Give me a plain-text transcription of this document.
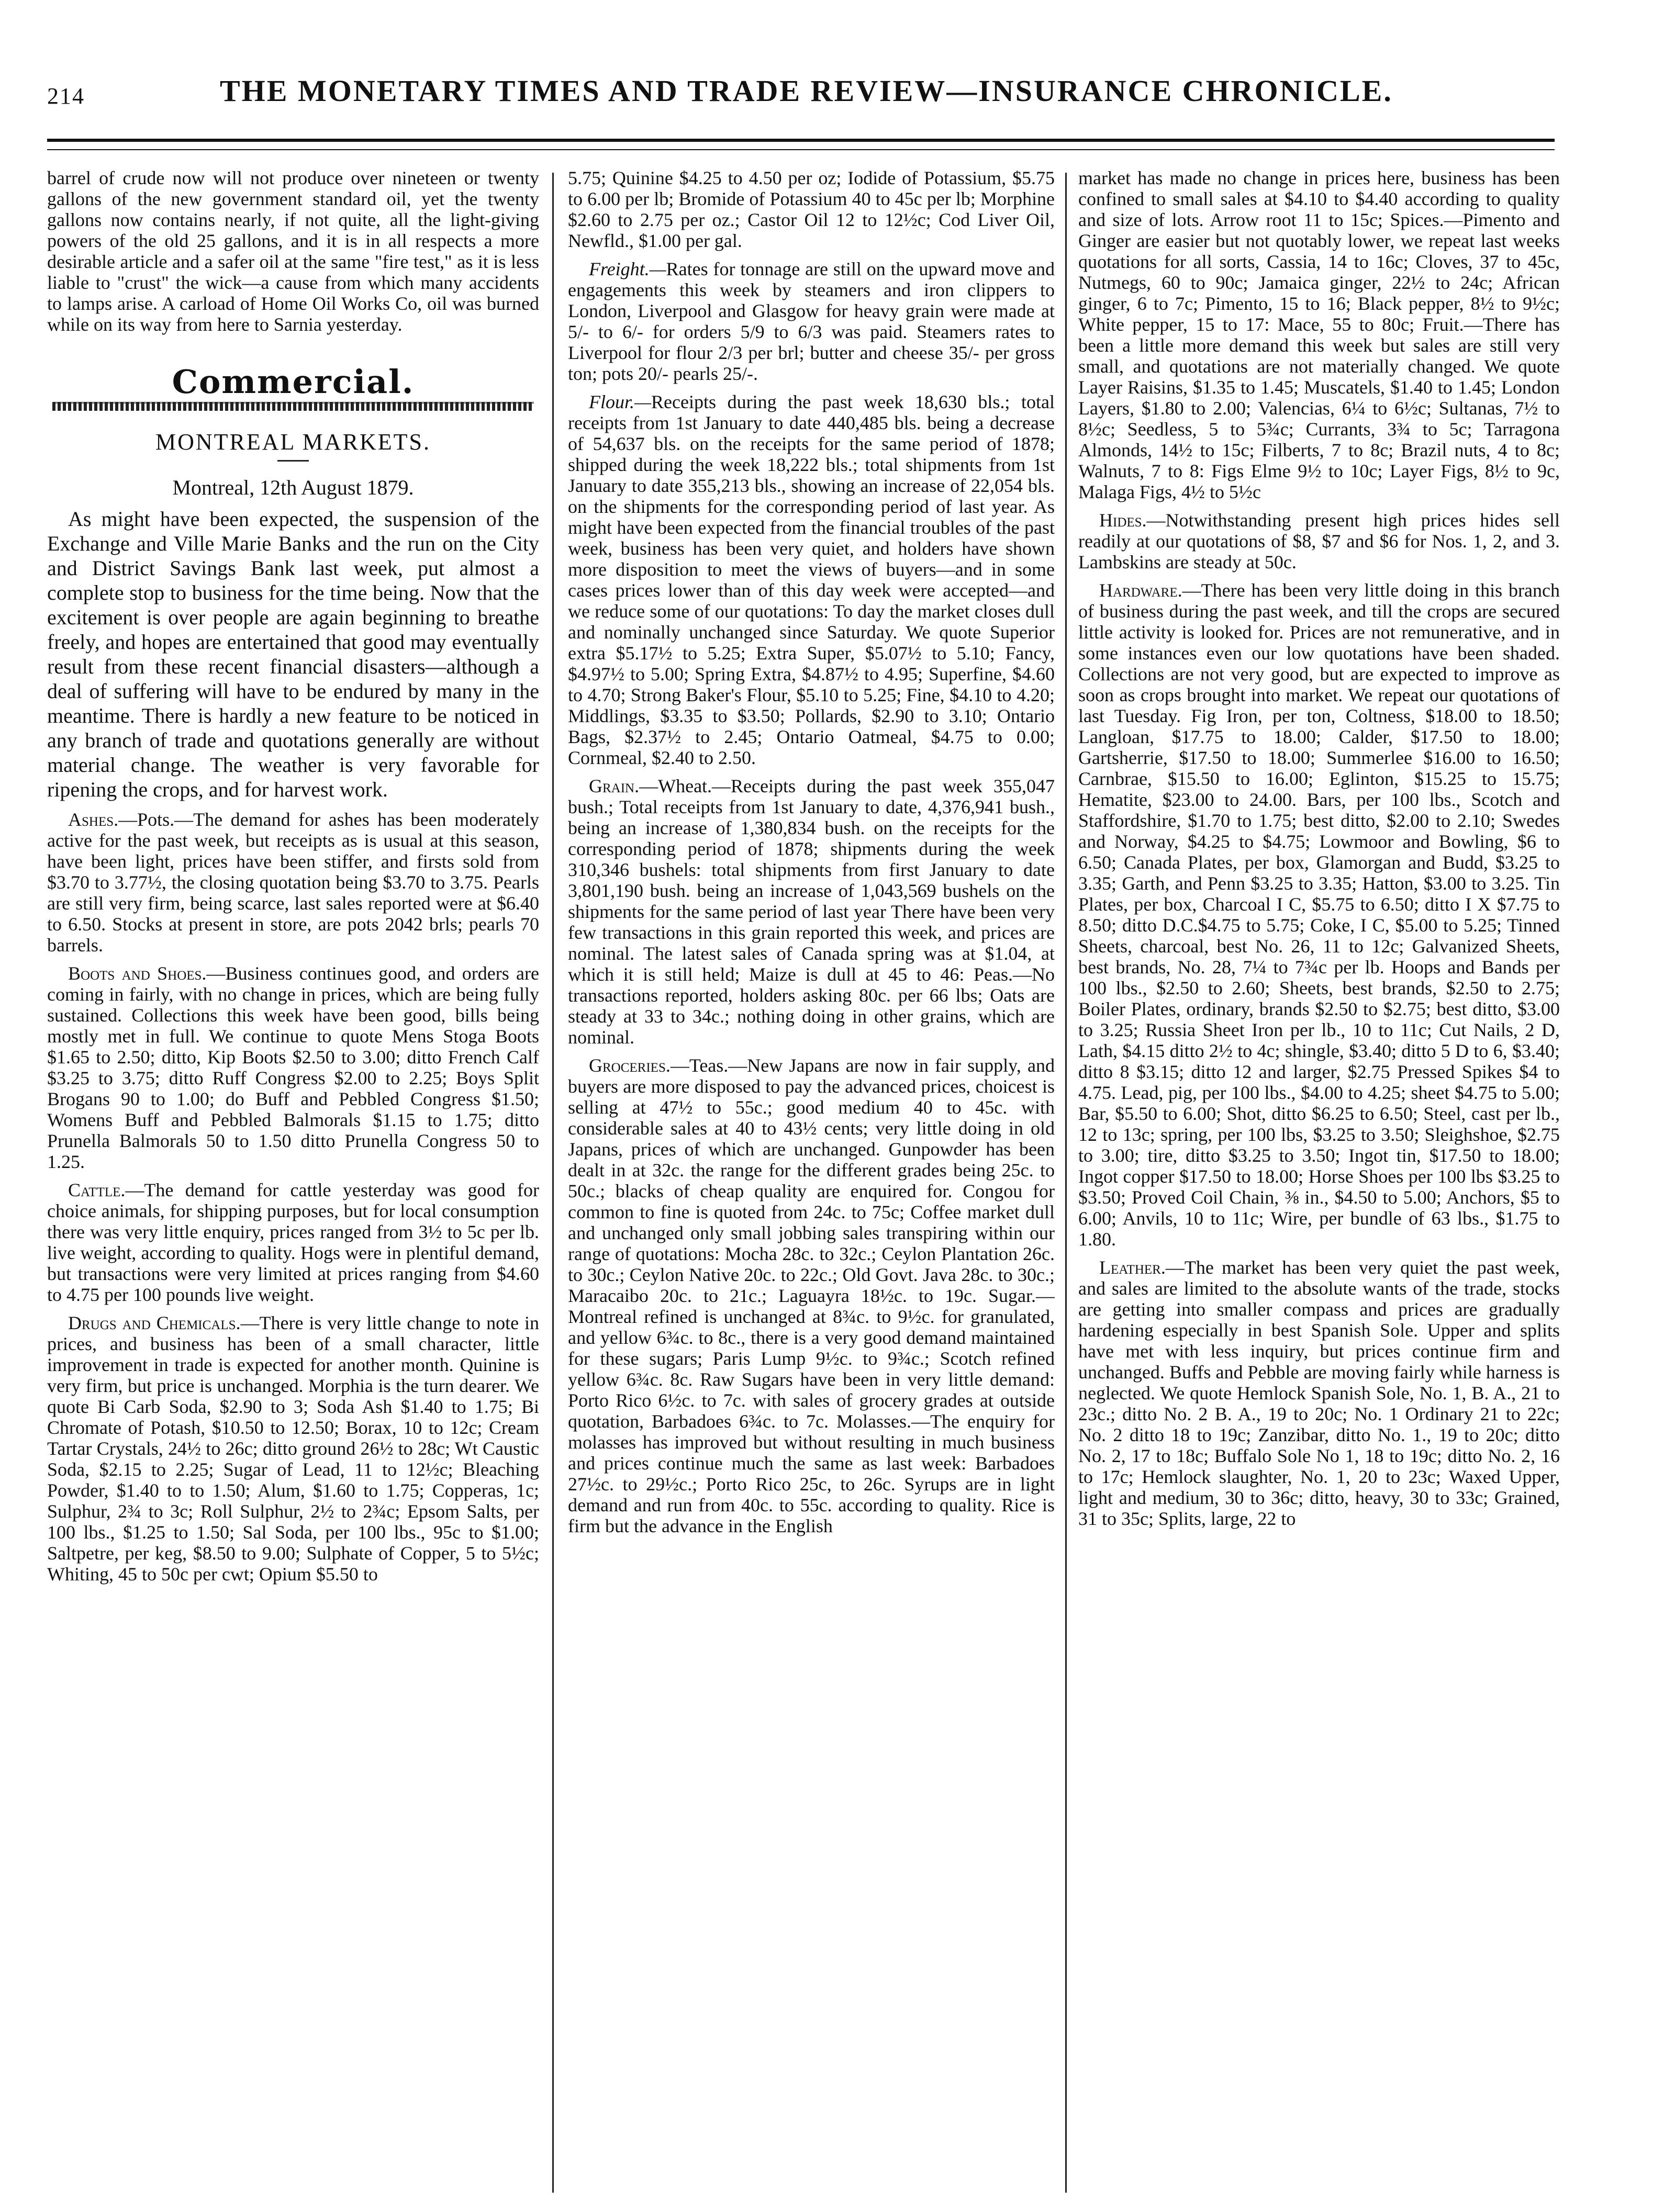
214	THE MONETARY TIMES AND TRADE REVIEW—INSURANCE CHRONICLE.

barrel of crude now will not produce over nineteen or twenty gallons of the new government standard oil, yet the twenty gallons now contains nearly, if not quite, all the light-giving powers of the old 25 gallons, and it is in all respects a more desirable article and a safer oil at the same "fire test," as it is less liable to "crust" the wick—a cause from which many accidents to lamps arise. A carload of Home Oil Works Co, oil was burned while on its way from here to Sarnia yesterday.

Commercial.
MONTREAL MARKETS.
Montreal, 12th August 1879.

As might have been expected, the suspension of the Exchange and Ville Marie Banks and the run on the City and District Savings Bank last week, put almost a complete stop to business for the time being. Now that the excitement is over people are again beginning to breathe freely, and hopes are entertained that good may eventually result from these recent financial disasters—although a deal of suffering will have to be endured by many in the meantime. There is hardly a new feature to be noticed in any branch of trade and quotations generally are without material change. The weather is very favorable for ripening the crops, and for harvest work.

Ashes.—Pots.—The demand for ashes has been moderately active for the past week, but receipts as is usual at this season, have been light, prices have been stiffer, and firsts sold from $3.70 to 3.77½, the closing quotation being $3.70 to 3.75. Pearls are still very firm, being scarce, last sales reported were at $6.40 to 6.50. Stocks at present in store, are pots 2042 brls; pearls 70 barrels.

Boots and Shoes.—Business continues good, and orders are coming in fairly, with no change in prices, which are being fully sustained. Collections this week have been good, bills being mostly met in full. We continue to quote Mens Stoga Boots $1.65 to 2.50; ditto, Kip Boots $2.50 to 3.00; ditto French Calf $3.25 to 3.75; ditto Ruff Congress $2.00 to 2.25; Boys Split Brogans 90 to 1.00; do Buff and Pebbled Congress $1.50; Womens Buff and Pebbled Balmorals $1.15 to 1.75; ditto Prunella Balmorals 50 to 1.50 ditto Prunella Congress 50 to 1.25.

Cattle.—The demand for cattle yesterday was good for choice animals, for shipping purposes, but for local consumption there was very little enquiry, prices ranged from 3½ to 5c per lb. live weight, according to quality. Hogs were in plentiful demand, but transactions were very limited at prices ranging from $4.60 to 4.75 per 100 pounds live weight.

Drugs and Chemicals.—There is very little change to note in prices, and business has been of a small character, little improvement in trade is expected for another month. Quinine is very firm, but price is unchanged. Morphia is the turn dearer. We quote Bi Carb Soda, $2.90 to 3; Soda Ash $1.40 to 1.75; Bi Chromate of Potash, $10.50 to 12.50; Borax, 10 to 12c; Cream Tartar Crystals, 24½ to 26c; ditto ground 26½ to 28c; Wt Caustic Soda, $2.15 to 2.25; Sugar of Lead, 11 to 12½c; Bleaching Powder, $1.40 to to 1.50; Alum, $1.60 to 1.75; Copperas, 1c; Sulphur, 2¾ to 3c; Roll Sulphur, 2½ to 2¾c; Epsom Salts, per 100 lbs., $1.25 to 1.50; Sal Soda, per 100 lbs., 95c to $1.00; Saltpetre, per keg, $8.50 to 9.00; Sulphate of Copper, 5 to 5½c; Whiting, 45 to 50c per cwt; Opium $5.50 to

5.75; Quinine $4.25 to 4.50 per oz; Iodide of Potassium, $5.75 to 6.00 per lb; Bromide of Potassium 40 to 45c per lb; Morphine $2.60 to 2.75 per oz.; Castor Oil 12 to 12½c; Cod Liver Oil, Newfld., $1.00 per gal.

Freight.—Rates for tonnage are still on the upward move and engagements this week by steamers and iron clippers to London, Liverpool and Glasgow for heavy grain were made at 5/- to 6/- for orders 5/9 to 6/3 was paid. Steamers rates to Liverpool for flour 2/3 per brl; butter and cheese 35/- per gross ton; pots 20/- pearls 25/-.

Flour.—Receipts during the past week 18,630 bls.; total receipts from 1st January to date 440,485 bls. being a decrease of 54,637 bls. on the receipts for the same period of 1878; shipped during the week 18,222 bls.; total shipments from 1st January to date 355,213 bls., showing an increase of 22,054 bls. on the shipments for the corresponding period of last year. As might have been expected from the financial troubles of the past week, business has been very quiet, and holders have shown more disposition to meet the views of buyers—and in some cases prices lower than of this day week were accepted—and we reduce some of our quotations: To day the market closes dull and nominally unchanged since Saturday. We quote Superior extra $5.17½ to 5.25; Extra Super, $5.07½ to 5.10; Fancy, $4.97½ to 5.00; Spring Extra, $4.87½ to 4.95; Superfine, $4.60 to 4.70; Strong Baker's Flour, $5.10 to 5.25; Fine, $4.10 to 4.20; Middlings, $3.35 to $3.50; Pollards, $2.90 to 3.10; Ontario Bags, $2.37½ to 2.45; Ontario Oatmeal, $4.75 to 0.00; Cornmeal, $2.40 to 2.50.

Grain.—Wheat.—Receipts during the past week 355,047 bush.; Total receipts from 1st January to date, 4,376,941 bush., being an increase of 1,380,834 bush. on the receipts for the corresponding period of 1878; shipments during the week 310,346 bushels: total shipments from first January to date 3,801,190 bush. being an increase of 1,043,569 bushels on the shipments for the same period of last year There have been very few transactions in this grain reported this week, and prices are nominal. The latest sales of Canada spring was at $1.04, at which it is still held; Maize is dull at 45 to 46: Peas.—No transactions reported, holders asking 80c. per 66 lbs; Oats are steady at 33 to 34c.; nothing doing in other grains, which are nominal.

Groceries.—Teas.—New Japans are now in fair supply, and buyers are more disposed to pay the advanced prices, choicest is selling at 47½ to 55c.; good medium 40 to 45c. with considerable sales at 40 to 43½ cents; very little doing in old Japans, prices of which are unchanged. Gunpowder has been dealt in at 32c. the range for the different grades being 25c. to 50c.; blacks of cheap quality are enquired for. Congou for common to fine is quoted from 24c. to 75c; Coffee market dull and unchanged only small jobbing sales transpiring within our range of quotations: Mocha 28c. to 32c.; Ceylon Plantation 26c. to 30c.; Ceylon Native 20c. to 22c.; Old Govt. Java 28c. to 30c.; Maracaibo 20c. to 21c.; Laguayra 18½c. to 19c. Sugar.—Montreal refined is unchanged at 8¾c. to 9½c. for granulated, and yellow 6¾c. to 8c., there is a very good demand maintained for these sugars; Paris Lump 9½c. to 9¾c.; Scotch refined yellow 6¾c. 8c. Raw Sugars have been in very little demand: Porto Rico 6½c. to 7c. with sales of grocery grades at outside quotation, Barbadoes 6¾c. to 7c. Molasses.—The enquiry for molasses has improved but without resulting in much business and prices continue much the same as last week: Barbadoes 27½c. to 29½c.; Porto Rico 25c, to 26c. Syrups are in light demand and run from 40c. to 55c. according to quality. Rice is firm but the advance in the English

market has made no change in prices here, business has been confined to small sales at $4.10 to $4.40 according to quality and size of lots. Arrow root 11 to 15c; Spices.—Pimento and Ginger are easier but not quotably lower, we repeat last weeks quotations for all sorts, Cassia, 14 to 16c; Cloves, 37 to 45c, Nutmegs, 60 to 90c; Jamaica ginger, 22½ to 24c; African ginger, 6 to 7c; Pimento, 15 to 16; Black pepper, 8½ to 9½c; White pepper, 15 to 17: Mace, 55 to 80c; Fruit.—There has been a little more demand this week but sales are still very small, and quotations are not materially changed. We quote Layer Raisins, $1.35 to 1.45; Muscatels, $1.40 to 1.45; London Layers, $1.80 to 2.00; Valencias, 6¼ to 6½c; Sultanas, 7½ to 8½c; Seedless, 5 to 5¾c; Currants, 3¾ to 5c; Tarragona Almonds, 14½ to 15c; Filberts, 7 to 8c; Brazil nuts, 4 to 8c; Walnuts, 7 to 8: Figs Elme 9½ to 10c; Layer Figs, 8½ to 9c, Malaga Figs, 4½ to 5½c

Hides.—Notwithstanding present high prices hides sell readily at our quotations of $8, $7 and $6 for Nos. 1, 2, and 3. Lambskins are steady at 50c.

Hardware.—There has been very little doing in this branch of business during the past week, and till the crops are secured little activity is looked for. Prices are not remunerative, and in some instances even our low quotations have been shaded. Collections are not very good, but are expected to improve as soon as crops brought into market. We repeat our quotations of last Tuesday. Fig Iron, per ton, Coltness, $18.00 to 18.50; Langloan, $17.75 to 18.00; Calder, $17.50 to 18.00; Gartsherrie, $17.50 to 18.00; Summerlee $16.00 to 16.50; Carnbrae, $15.50 to 16.00; Eglinton, $15.25 to 15.75; Hematite, $23.00 to 24.00. Bars, per 100 lbs., Scotch and Staffordshire, $1.70 to 1.75; best ditto, $2.00 to 2.10; Swedes and Norway, $4.25 to $4.75; Lowmoor and Bowling, $6 to 6.50; Canada Plates, per box, Glamorgan and Budd, $3.25 to 3.35; Garth, and Penn $3.25 to 3.35; Hatton, $3.00 to 3.25. Tin Plates, per box, Charcoal I C, $5.75 to 6.50; ditto I X $7.75 to 8.50; ditto D.C.$4.75 to 5.75; Coke, I C, $5.00 to 5.25; Tinned Sheets, charcoal, best No. 26, 11 to 12c; Galvanized Sheets, best brands, No. 28, 7¼ to 7¾c per lb. Hoops and Bands per 100 lbs., $2.50 to 2.60; Sheets, best brands, $2.50 to 2.75; Boiler Plates, ordinary, brands $2.50 to $2.75; best ditto, $3.00 to 3.25; Russia Sheet Iron per lb., 10 to 11c; Cut Nails, 2 D, Lath, $4.15 ditto 2½ to 4c; shingle, $3.40; ditto 5 D to 6, $3.40; ditto 8 $3.15; ditto 12 and larger, $2.75 Pressed Spikes $4 to 4.75. Lead, pig, per 100 lbs., $4.00 to 4.25; sheet $4.75 to 5.00; Bar, $5.50 to 6.00; Shot, ditto $6.25 to 6.50; Steel, cast per lb., 12 to 13c; spring, per 100 lbs, $3.25 to 3.50; Sleighshoe, $2.75 to 3.00; tire, ditto $3.25 to 3.50; Ingot tin, $17.50 to 18.00; Ingot copper $17.50 to 18.00; Horse Shoes per 100 lbs $3.25 to $3.50; Proved Coil Chain, ⅜ in., $4.50 to 5.00; Anchors, $5 to 6.00; Anvils, 10 to 11c; Wire, per bundle of 63 lbs., $1.75 to 1.80.

Leather.—The market has been very quiet the past week, and sales are limited to the absolute wants of the trade, stocks are getting into smaller compass and prices are gradually hardening especially in best Spanish Sole. Upper and splits have met with less inquiry, but prices continue firm and unchanged. Buffs and Pebble are moving fairly while harness is neglected. We quote Hemlock Spanish Sole, No. 1, B. A., 21 to 23c.; ditto No. 2 B. A., 19 to 20c; No. 1 Ordinary 21 to 22c; No. 2 ditto 18 to 19c; Zanzibar, ditto No. 1., 19 to 20c; ditto No. 2, 17 to 18c; Buffalo Sole No 1, 18 to 19c; ditto No. 2, 16 to 17c; Hemlock slaughter, No. 1, 20 to 23c; Waxed Upper, light and medium, 30 to 36c; ditto, heavy, 30 to 33c; Grained, 31 to 35c; Splits, large, 22 to
